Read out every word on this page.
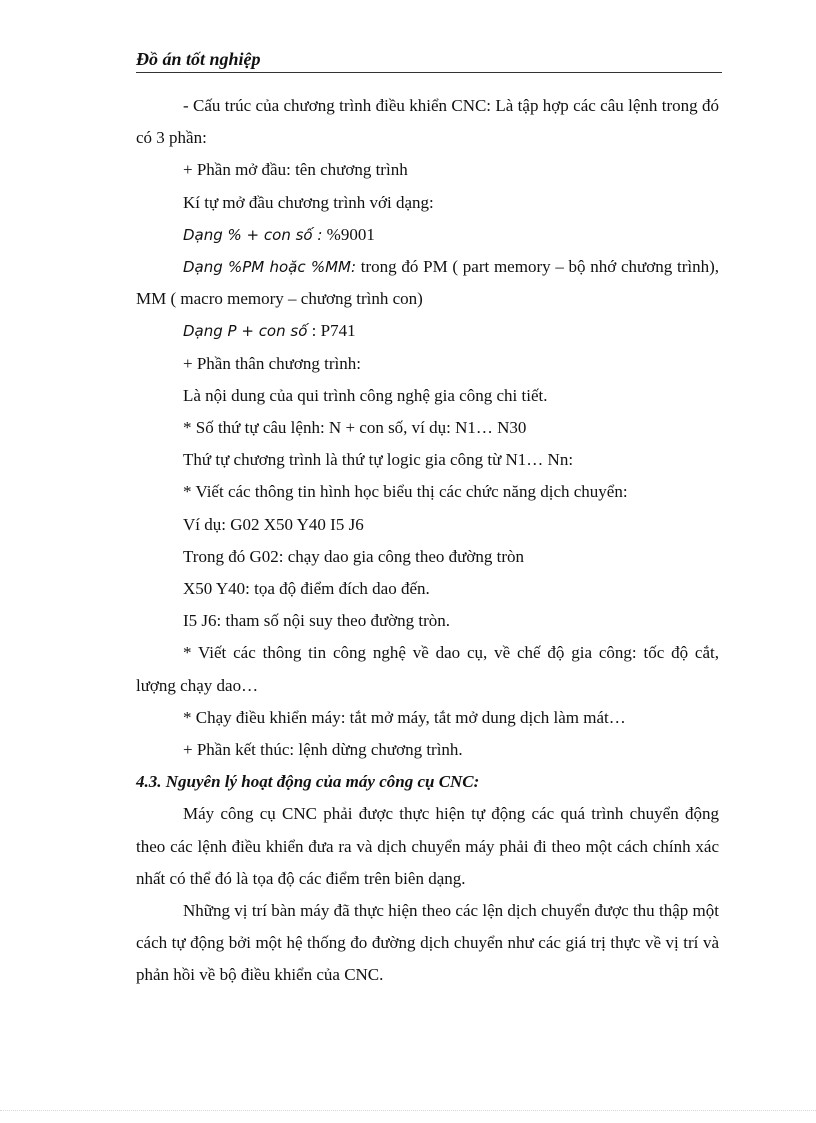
Đồ án tốt nghiệp

- Cấu trúc của chương trình điều khiển CNC: Là tập hợp các câu lệnh trong đó có 3 phần:

+ Phần mở đầu: tên chương trình

Kí tự mở đầu chương trình với dạng:

Dạng % + con số : %9001

Dạng %PM hoặc %MM: trong đó PM ( part memory – bộ nhớ chương trình), MM ( macro memory – chương trình con)

Dạng P + con số : P741

+ Phần thân chương trình:

Là nội dung của qui trình công nghệ gia công chi tiết.

* Số thứ tự câu lệnh: N + con số, ví dụ: N1… N30

Thứ tự chương trình là thứ tự logic gia công từ N1… Nn:

* Viết các thông tin hình học biểu thị các chức năng dịch chuyển:

Ví dụ: G02 X50 Y40 I5 J6

Trong đó G02: chạy dao gia công theo đường tròn

X50 Y40: tọa độ điểm đích dao đến.

I5 J6: tham số nội suy theo đường tròn.

* Viết các thông tin công nghệ về dao cụ, về chế độ gia công: tốc độ cắt, lượng chạy dao…

* Chạy điều khiển máy: tắt mở máy, tắt mở dung dịch làm mát…

+ Phần kết thúc: lệnh dừng chương trình.

4.3. Nguyên lý hoạt động của máy công cụ CNC:

Máy công cụ CNC phải được thực hiện tự động các quá trình chuyển động theo các lệnh điều khiển đưa ra và dịch chuyển máy phải đi theo một cách chính xác nhất có thể đó là tọa độ các điểm trên biên dạng.

Những vị trí bàn máy đã thực hiện theo các lện dịch chuyển được thu thập một cách tự động bởi một hệ thống đo đường dịch chuyển như các giá trị thực về vị trí và phản hồi về bộ điều khiển của CNC.
